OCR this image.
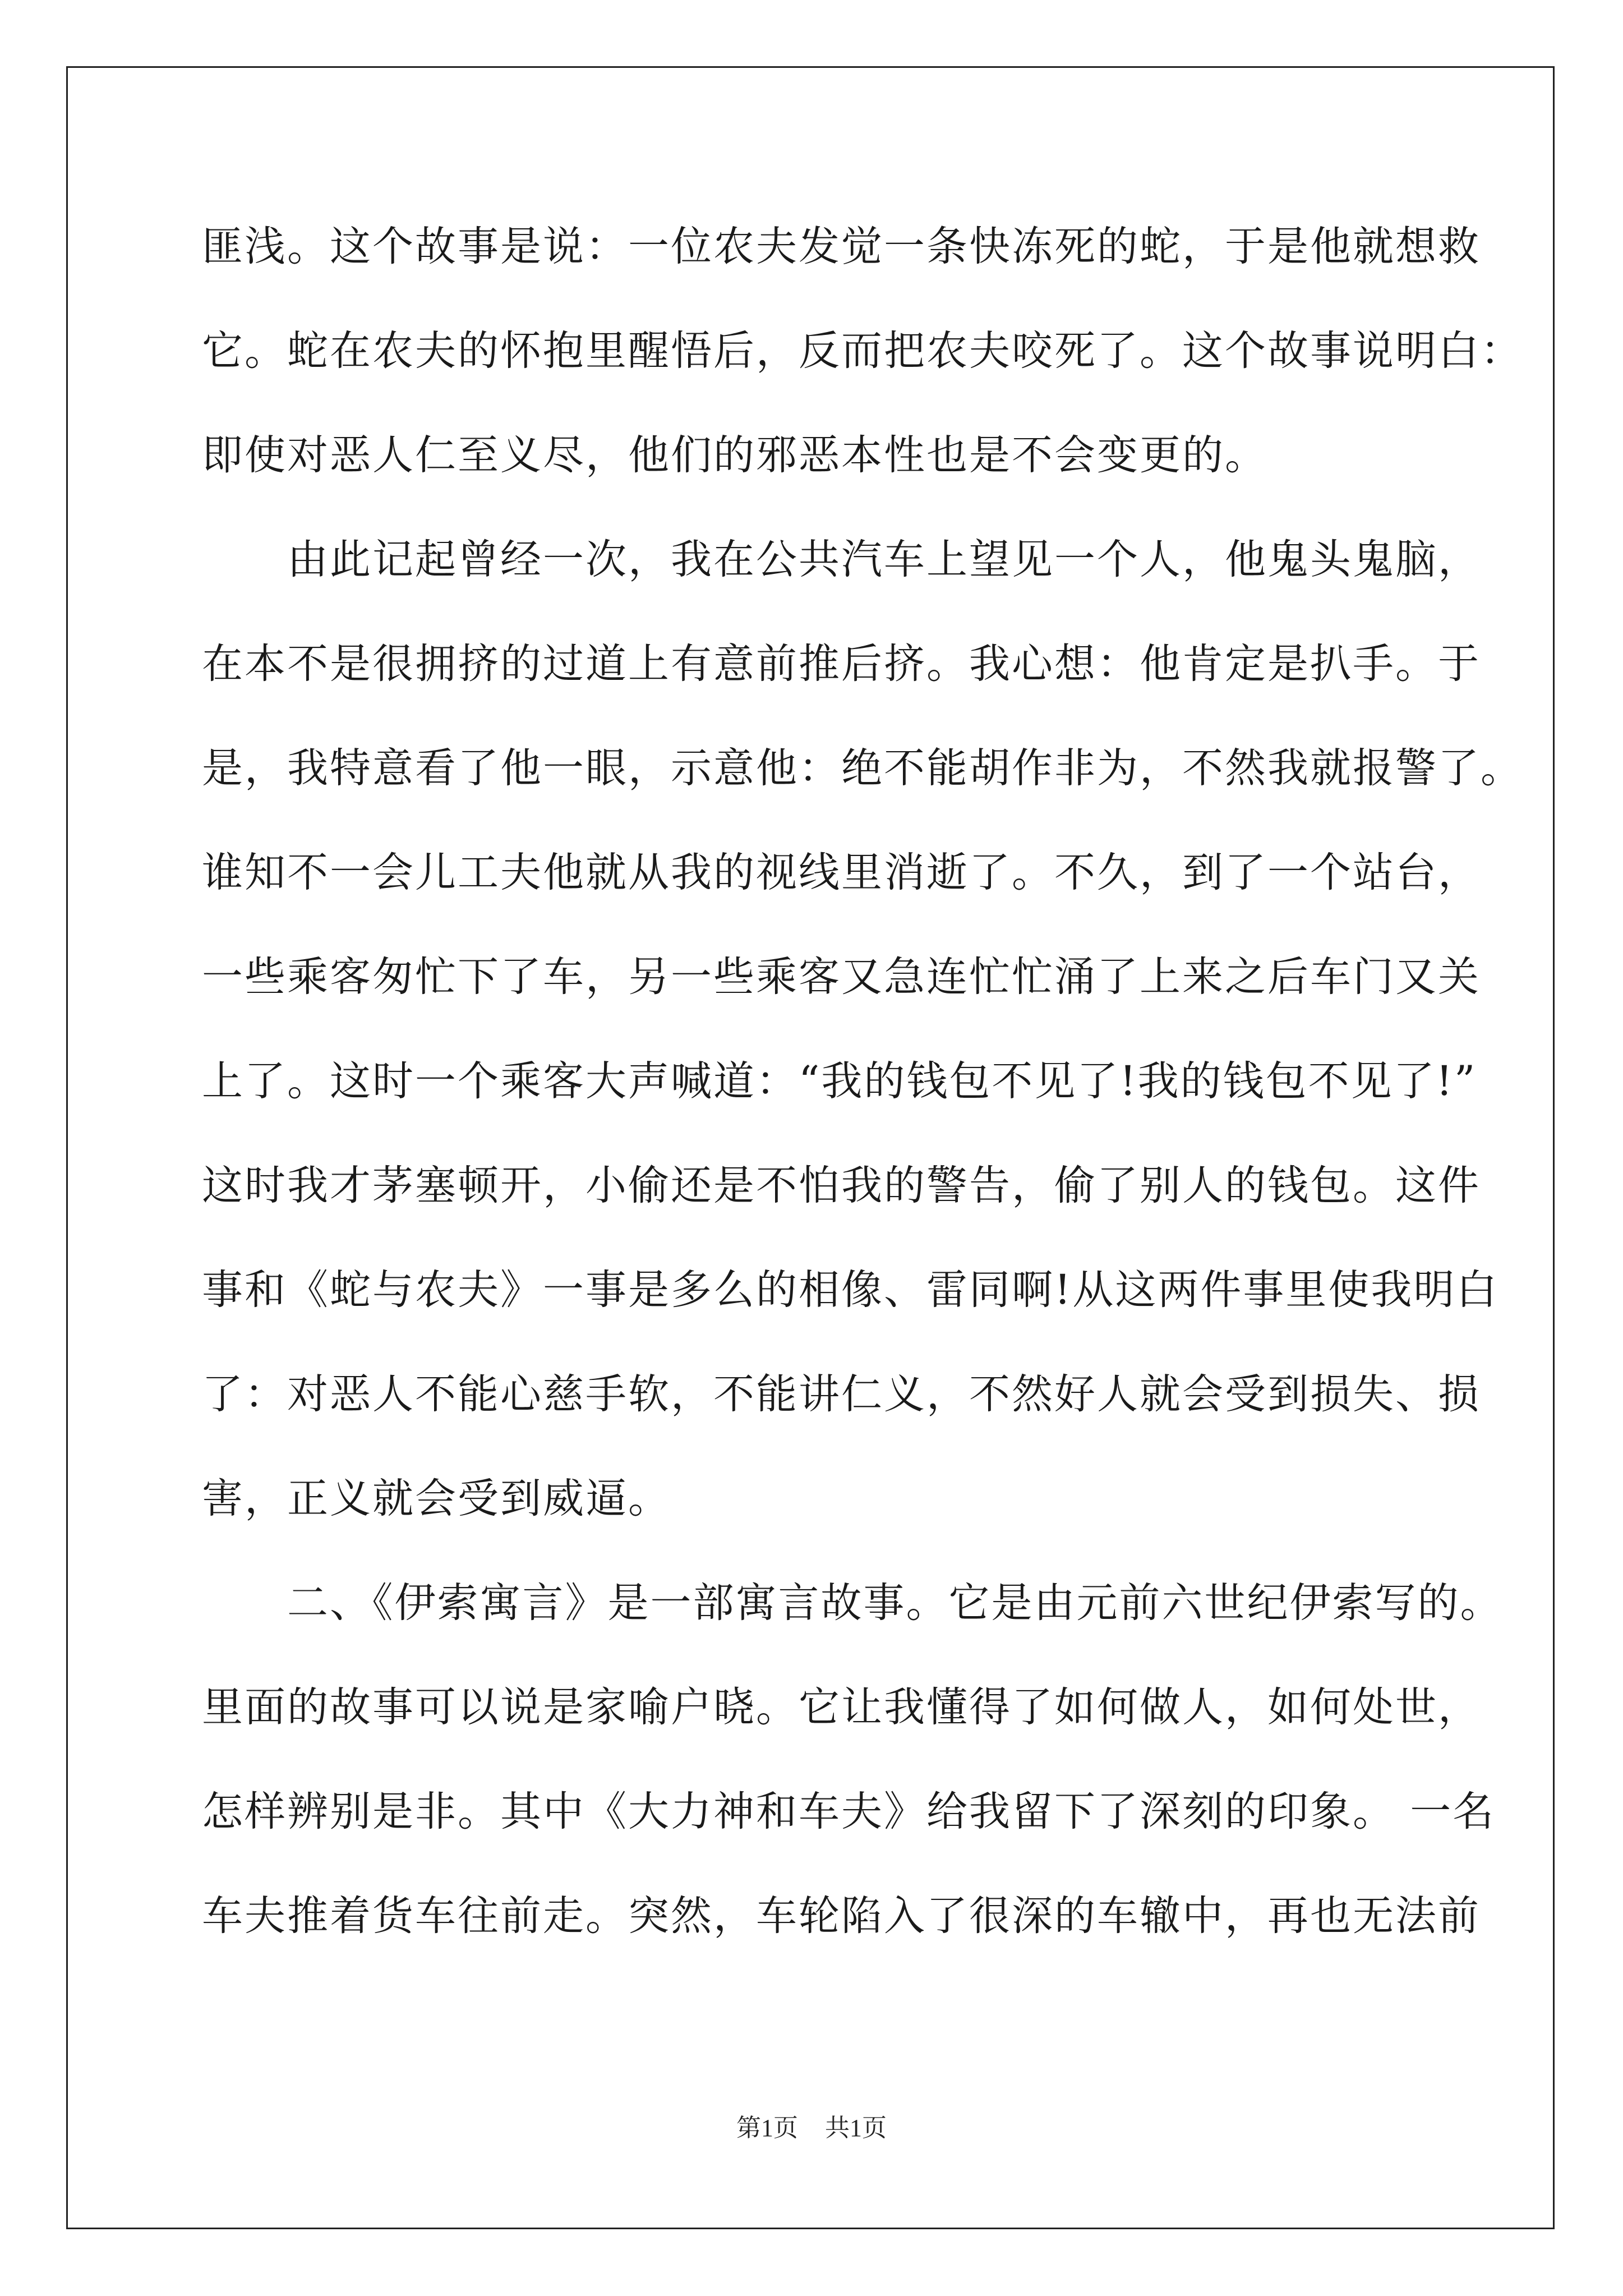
匪浅。这个故事是说：一位农夫发觉一条快冻死的蛇，于是他就想救
它。蛇在农夫的怀抱里醒悟后，反而把农夫咬死了。这个故事说明白：
即使对恶人仁至义尽，他们的邪恶本性也是不会变更的。
　　由此记起曾经一次，我在公共汽车上望见一个人，他鬼头鬼脑，
在本不是很拥挤的过道上有意前推后挤。我心想：他肯定是扒手。于
是，我特意看了他一眼，示意他：绝不能胡作非为，不然我就报警了。
谁知不一会儿工夫他就从我的视线里消逝了。不久，到了一个站台，
一些乘客匆忙下了车，另一些乘客又急连忙忙涌了上来之后车门又关
上了。这时一个乘客大声喊道：“我的钱包不见了!我的钱包不见了!”
这时我才茅塞顿开，小偷还是不怕我的警告，偷了别人的钱包。这件
事和《蛇与农夫》一事是多么的相像、雷同啊!从这两件事里使我明白
了：对恶人不能心慈手软，不能讲仁义，不然好人就会受到损失、损
害，正义就会受到威逼。
　　二、《伊索寓言》是一部寓言故事。它是由元前六世纪伊索写的。
里面的故事可以说是家喻户晓。它让我懂得了如何做人，如何处世，
怎样辨别是非。其中《大力神和车夫》给我留下了深刻的印象。 一名
车夫推着货车往前走。突然，车轮陷入了很深的车辙中，再也无法前
第1页 共1页
